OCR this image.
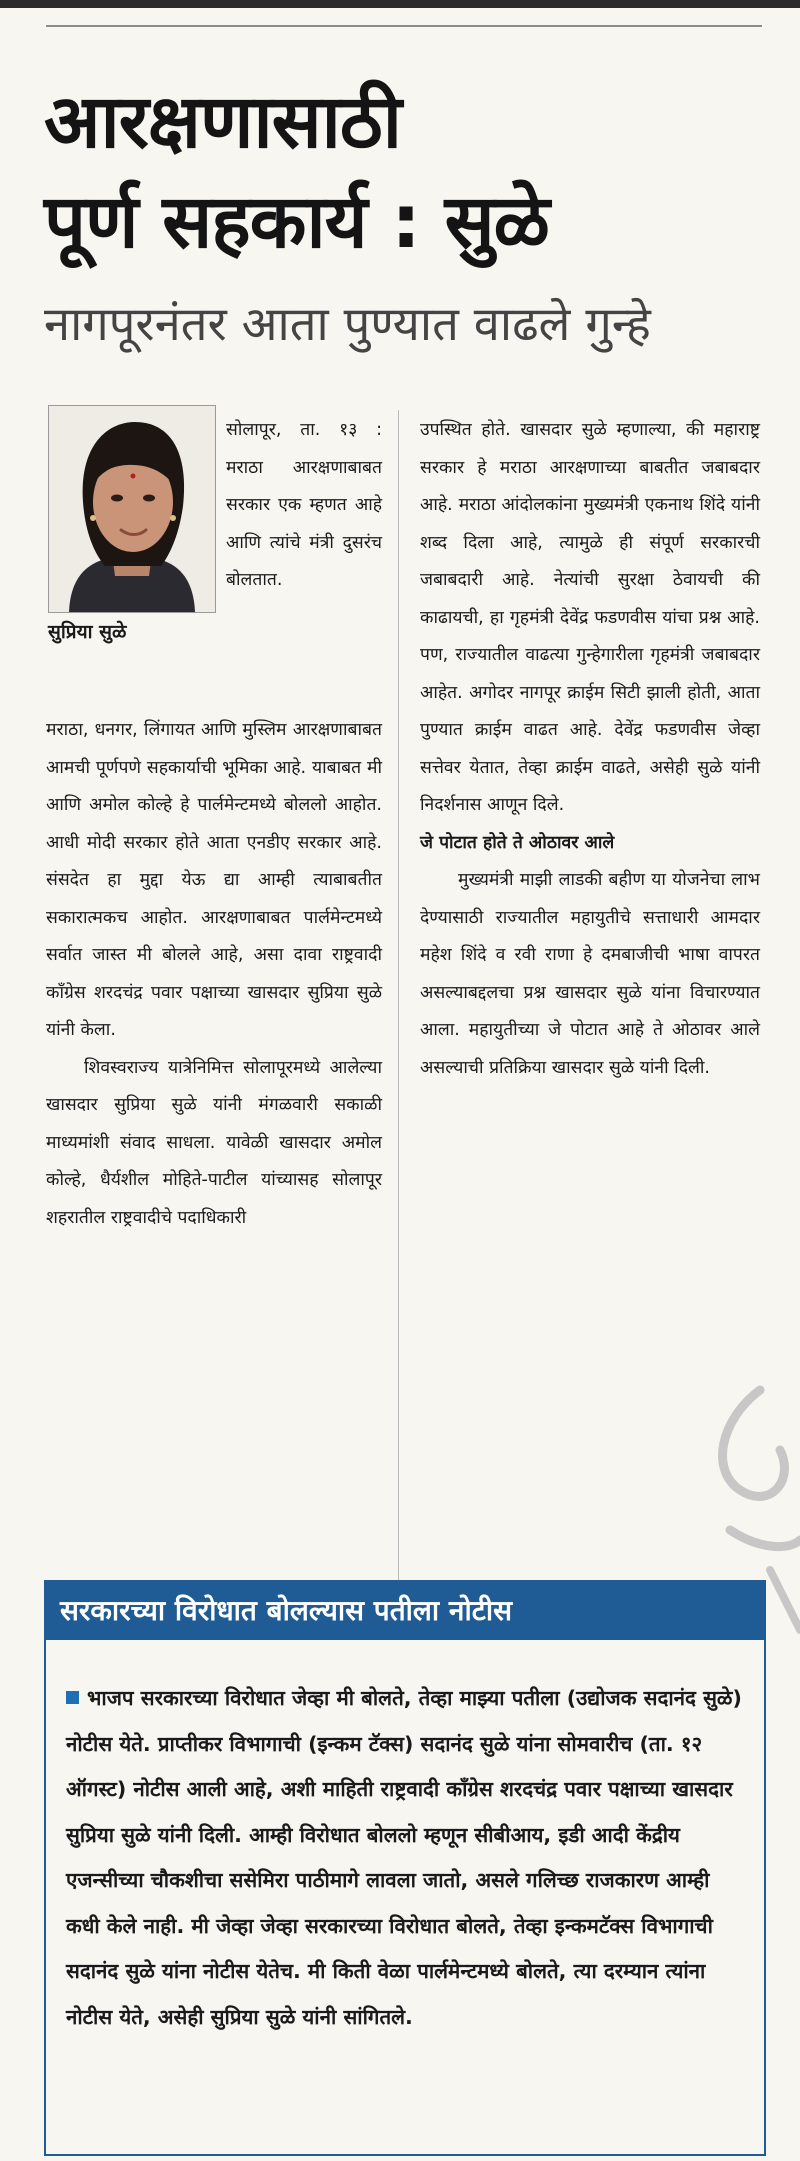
आरक्षणासाठी
पूर्ण सहकार्य : सुळे
नागपूरनंतर आता पुण्यात वाढले गुन्हे
सुप्रिया सुळे

सोलापूर, ता. १३ : मराठा आरक्षणाबाबत सरकार एक म्हणत आहे आणि त्यांचे मंत्री दुसरंच बोलतात.

मराठा, धनगर, लिंगायत आणि मुस्लिम आरक्षणाबाबत आमची पूर्णपणे सहकार्याची भूमिका आहे. याबाबत मी आणि अमोल कोल्हे हे पार्लमेन्टमध्ये बोललो आहोत. आधी मोदी सरकार होते आता एनडीए सरकार आहे. संसदेत हा मुद्दा येऊ द्या आम्ही त्याबाबतीत सकारात्मकच आहोत. आरक्षणाबाबत पार्लमेन्टमध्ये सर्वात जास्त मी बोलले आहे, असा दावा राष्ट्रवादी काँग्रेस शरदचंद्र पवार पक्षाच्या खासदार सुप्रिया सुळे यांनी केला.

शिवस्वराज्य यात्रेनिमित्त सोलापूरमध्ये आलेल्या खासदार सुप्रिया सुळे यांनी मंगळवारी सकाळी माध्यमांशी संवाद साधला. यावेळी खासदार अमोल कोल्हे, धैर्यशील मोहिते-पाटील यांच्यासह सोलापूर शहरातील राष्ट्रवादीचे पदाधिकारी

उपस्थित होते. खासदार सुळे म्हणाल्या, की महाराष्ट्र सरकार हे मराठा आरक्षणाच्या बाबतीत जबाबदार आहे. मराठा आंदोलकांना मुख्यमंत्री एकनाथ शिंदे यांनी शब्द दिला आहे, त्यामुळे ही संपूर्ण सरकारची जबाबदारी आहे. नेत्यांची सुरक्षा ठेवायची की काढायची, हा गृहमंत्री देवेंद्र फडणवीस यांचा प्रश्न आहे. पण, राज्यातील वाढत्या गुन्हेगारीला गृहमंत्री जबाबदार आहेत. अगोदर नागपूर क्राईम सिटी झाली होती, आता पुण्यात क्राईम वाढत आहे. देवेंद्र फडणवीस जेव्हा सत्तेवर येतात, तेव्हा क्राईम वाढते, असेही सुळे यांनी निदर्शनास आणून दिले.

जे पोटात होते ते ओठावर आले

मुख्यमंत्री माझी लाडकी बहीण या योजनेचा लाभ देण्यासाठी राज्यातील महायुतीचे सत्ताधारी आमदार महेश शिंदे व रवी राणा हे दमबाजीची भाषा वापरत असल्याबद्दलचा प्रश्न खासदार सुळे यांना विचारण्यात आला. महायुतीच्या जे पोटात आहे ते ओठावर आले असल्याची प्रतिक्रिया खासदार सुळे यांनी दिली.

सरकारच्या विरोधात बोलल्यास पतीला नोटीस

भाजप सरकारच्या विरोधात जेव्हा मी बोलते, तेव्हा माझ्या पतीला (उद्योजक सदानंद सुळे) नोटीस येते. प्राप्तीकर विभागाची (इन्कम टॅक्स) सदानंद सुळे यांना सोमवारीच (ता. १२ ऑगस्ट) नोटीस आली आहे, अशी माहिती राष्ट्रवादी काँग्रेस शरदचंद्र पवार पक्षाच्या खासदार सुप्रिया सुळे यांनी दिली. आम्ही विरोधात बोललो म्हणून सीबीआय, इडी आदी केंद्रीय एजन्सीच्या चौकशीचा ससेमिरा पाठीमागे लावला जातो, असले गलिच्छ राजकारण आम्ही कधी केले नाही. मी जेव्हा जेव्हा सरकारच्या विरोधात बोलते, तेव्हा इन्कमटॅक्स विभागाची सदानंद सुळे यांना नोटीस येतेच. मी किती वेळा पार्लमेन्टमध्ये बोलते, त्या दरम्यान त्यांना नोटीस येते, असेही सुप्रिया सुळे यांनी सांगितले.
